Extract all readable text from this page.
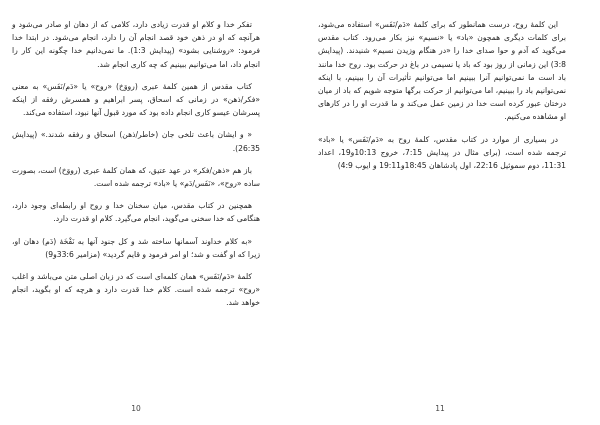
تفکر خدا و کلام او قدرت زیادی دارد، کلامی که از دهان او صادر می‌شود و هرآنچه که او در ذهن خود قصد انجام آن را دارد، انجام می‌شود. در ابتدا خدا فرمود: «روشنایی بشود» (پیدایش 1:3). ما نمی‌دانیم خدا چگونه این کار را انجام داد، اما می‌توانیم ببینیم که چه کاری انجام شد.

کتاب مقدس از همین کلمهٔ عبری (رووَخ) «روح» یا «دَم/نَفَس» به معنی «فکر/ذهن» در زمانی که اسحاق، پسر ابراهیم و همسرش رفقه از اینکه پسرشان عیسو کاری انجام داده بود که مورد قبول آنها نبود، استفاده می‌کند.

« و ایشان باعث تلخی جان (خاطر/ذهن) اسحاق و رفقه شدند.» (پیدایش 26:35).

باز هم «ذهن/فکر» در عهد عتیق، که همان کلمهٔ عبری (رووَخ) است، بصورت ساده «روح»، «نَفَس/دَم» یا «باد» ترجمه شده است.

همچنین در کتاب مقدس، میان سخنان خدا و روح او رابطه‌ای وجود دارد، هنگامی که خدا سخنی می‌گوید، انجام می‌گیرد. کلام او قدرت دارد.

«به کلام خداوند آسمانها ساخته شد و کل جنود آنها به نَفْخَهٔ (دَم) دهان او، زیرا که او گفت و شد؛ او امر فرمود و قایم گردید» (مزامیر 33:6و9)

کلمهٔ «دَم/نَفَس» همان کلمه‌ای است که در زبان اصلی متن می‌باشد و اغلب «روح» ترجمه شده است. کلام خدا قدرت دارد و هرچه که او بگوید، انجام خواهد شد.

10

این کلمهٔ روح، درست همانطور که برای کلمهٔ «دَم/نَفَس» استفاده می‌شود، برای کلمات دیگری همچون «باد» یا «نسیم» نیز بکار می‌رود. کتاب مقدس می‌گوید که آدم و حوا صدای خدا را «در هنگام وزیدن نسیم» شنیدند. (پیدایش 3:8) این زمانی از روز بود که باد یا نسیمی در باغ در حرکت بود. روح خدا مانند باد است ما نمی‌توانیم آنرا ببینیم اما می‌توانیم تأثیرات آن را ببینیم، با اینکه نمی‌توانیم باد را ببینیم، اما می‌توانیم از حرکت برگها متوجه شویم که باد از میان درختان عبور کرده است خدا در زمین عمل می‌کند و ما قدرت او را در کارهای او مشاهده می‌کنیم.

در بسیاری از موارد در کتاب مقدس، کلمهٔ روح به «دَم/نَفَس» یا «باد» ترجمه شده است، (برای مثال در پیدایش 7:15، خروج 10:13و19، اعداد 11:31، دوم سموئیل 22:16، اول پادشاهان 18:45و19:11 و ایوب 4:9)

11
